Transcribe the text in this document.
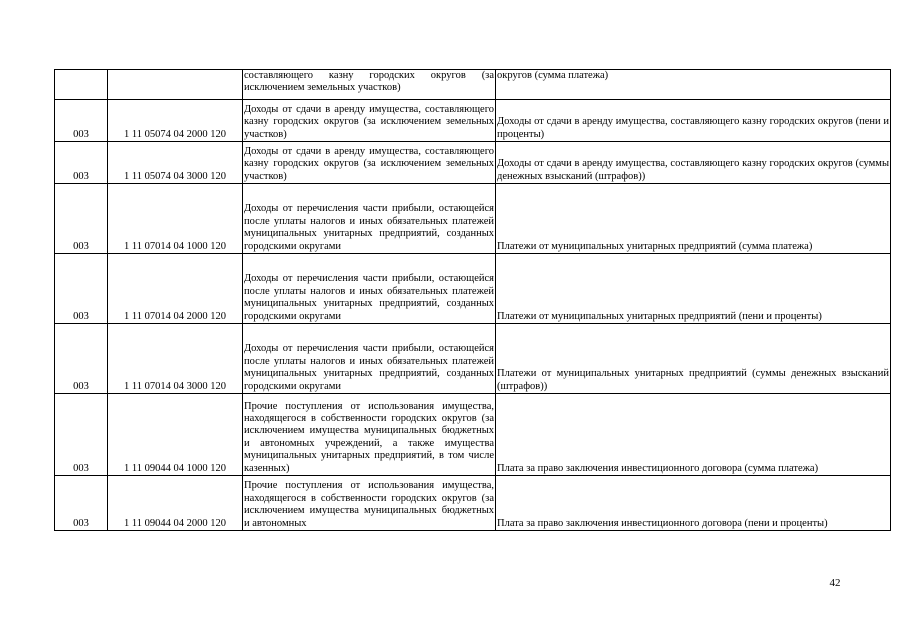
		составляющего казну городских округов (за исключением земельных участков)	округов (сумма платежа)
003	1 11 05074 04 2000 120	Доходы от сдачи в аренду имущества, составляющего казну городских округов (за исключением земельных участков)	Доходы от сдачи в аренду имущества, составляющего казну городских округов (пени и проценты)
003	1 11 05074 04 3000 120	Доходы от сдачи в аренду имущества, составляющего казну городских округов (за исключением земельных участков)	Доходы от сдачи в аренду имущества, составляющего казну городских округов (суммы денежных взысканий (штрафов))
003	1 11 07014 04 1000 120	Доходы от перечисления части прибыли, остающейся после уплаты налогов и иных обязательных платежей муниципальных унитарных предприятий, созданных городскими округами	Платежи от муниципальных унитарных предприятий (сумма платежа)
003	1 11 07014 04 2000 120	Доходы от перечисления части прибыли, остающейся после уплаты налогов и иных обязательных платежей муниципальных унитарных предприятий, созданных городскими округами	Платежи от муниципальных унитарных предприятий (пени и проценты)
003	1 11 07014 04 3000 120	Доходы от перечисления части прибыли, остающейся после уплаты налогов и иных обязательных платежей муниципальных унитарных предприятий, созданных городскими округами	Платежи от муниципальных унитарных предприятий (суммы денежных взысканий (штрафов))
003	1 11 09044 04 1000 120	Прочие поступления от использования имущества, находящегося в собственности городских округов (за исключением имущества муниципальных бюджетных и автономных учреждений, а также имущества муниципальных унитарных предприятий, в том числе казенных)	Плата за право заключения инвестиционного договора (сумма платежа)
003	1 11 09044 04 2000 120	Прочие поступления от использования имущества, находящегося в собственности городских округов (за исключением имущества муниципальных бюджетных и автономных	Плата за право заключения инвестиционного договора (пени и проценты)
42
